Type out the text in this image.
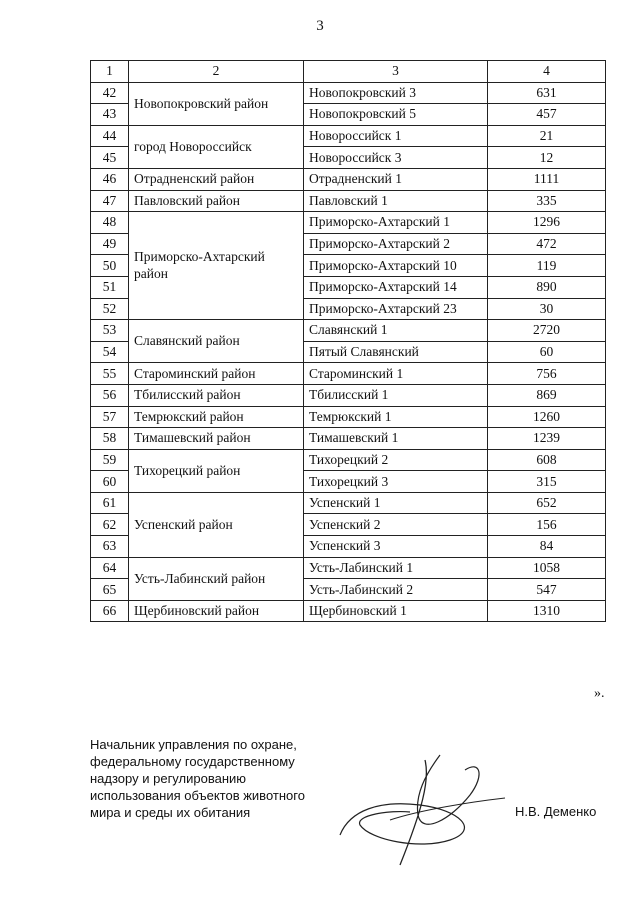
3
1	2	3	4
42	Новопокровский район	Новопокровский 3	631
43		Новопокровский 5	457
44	город Новороссийск	Новороссийск 1	21
45		Новороссийск 3	12
46	Отрадненский район	Отрадненский 1	1111
47	Павловский район	Павловский 1	335
48	Приморско-Ахтарский район	Приморско-Ахтарский 1	1296
49		Приморско-Ахтарский 2	472
50		Приморско-Ахтарский 10	119
51		Приморско-Ахтарский 14	890
52		Приморско-Ахтарский 23	30
53	Славянский район	Славянский 1	2720
54		Пятый Славянский	60
55	Староминский район	Староминский 1	756
56	Тбилисский район	Тбилисский 1	869
57	Темрюкский район	Темрюкский 1	1260
58	Тимашевский район	Тимашевский 1	1239
59	Тихорецкий район	Тихорецкий 2	608
60		Тихорецкий 3	315
61	Успенский район	Успенский 1	652
62		Успенский 2	156
63		Успенский 3	84
64	Усть-Лабинский район	Усть-Лабинский 1	1058
65		Усть-Лабинский 2	547
66	Щербиновский район	Щербиновский 1	1310
».
Начальник управления по охране,
федеральному государственному
надзору и регулированию
использования объектов животного
мира и среды их обитания	Н.В. Деменко
